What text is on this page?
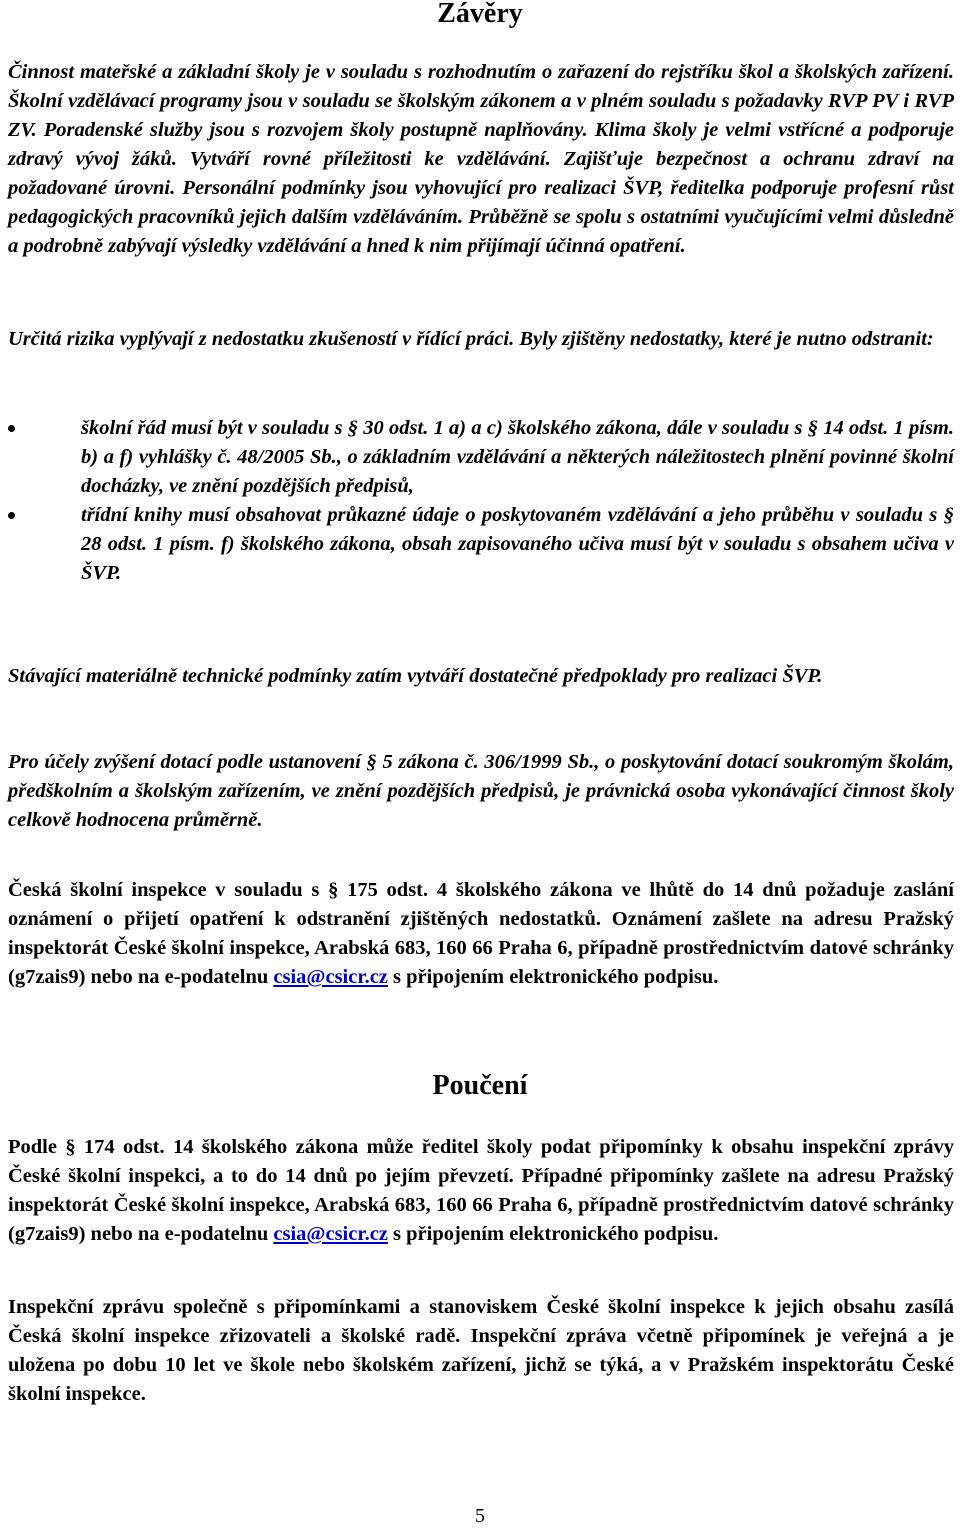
Závěry
Činnost mateřské a základní školy je v souladu s rozhodnutím o zařazení do rejstříku škol a školských zařízení. Školní vzdělávací programy jsou v souladu se školským zákonem a v plném souladu s požadavky RVP PV i RVP ZV. Poradenské služby jsou s rozvojem školy postupně naplňovány. Klima školy je velmi vstřícné a podporuje zdravý vývoj žáků. Vytváří rovné příležitosti ke vzdělávání. Zajišťuje bezpečnost a ochranu zdraví na požadované úrovni. Personální podmínky jsou vyhovující pro realizaci ŠVP, ředitelka podporuje profesní růst pedagogických pracovníků jejich dalším vzděláváním. Průběžně se spolu s ostatními vyučujícími velmi důsledně a podrobně zabývají výsledky vzdělávání a hned k nim přijímají účinná opatření.
Určitá rizika vyplývají z nedostatku zkušeností v řídící práci. Byly zjištěny nedostatky, které je nutno odstranit:
školní řád musí být v souladu s § 30 odst. 1 a) a c) školského zákona, dále v souladu s § 14 odst. 1 písm. b) a f) vyhlášky č. 48/2005 Sb., o základním vzdělávání a některých náležitostech plnění povinné školní docházky, ve znění pozdějších předpisů,
třídní knihy musí obsahovat průkazné údaje o poskytovaném vzdělávání a jeho průběhu v souladu s § 28 odst. 1 písm. f) školského zákona, obsah zapisovaného učiva musí být v souladu s obsahem učiva v ŠVP.
Stávající materiálně technické podmínky zatím vytváří dostatečné předpoklady pro realizaci ŠVP.
Pro účely zvýšení dotací podle ustanovení § 5 zákona č. 306/1999 Sb., o poskytování dotací soukromým školám, předškolním a školským zařízením, ve znění pozdějších předpisů, je právnická osoba vykonávající činnost školy celkově hodnocena průměrně.
Česká školní inspekce v souladu s § 175 odst. 4 školského zákona ve lhůtě do 14 dnů požaduje zaslání oznámení o přijetí opatření k odstranění zjištěných nedostatků. Oznámení zašlete na adresu Pražský inspektorát České školní inspekce, Arabská 683, 160 66 Praha 6, případně prostřednictvím datové schránky (g7zais9) nebo na e-podatelnu csia@csicr.cz s připojením elektronického podpisu.
Poučení
Podle § 174 odst. 14 školského zákona může ředitel školy podat připomínky k obsahu inspekční zprávy České školní inspekci, a to do 14 dnů po jejím převzetí. Případné připomínky zašlete na adresu Pražský inspektorát České školní inspekce, Arabská 683, 160 66 Praha 6, případně prostřednictvím datové schránky (g7zais9) nebo na e-podatelnu csia@csicr.cz s připojením elektronického podpisu.
Inspekční zprávu společně s připomínkami a stanoviskem České školní inspekce k jejich obsahu zasílá Česká školní inspekce zřizovateli a školské radě. Inspekční zpráva včetně připomínek je veřejná a je uložena po dobu 10 let ve škole nebo školském zařízení, jichž se týká, a v Pražském inspektorátu České školní inspekce.
5
